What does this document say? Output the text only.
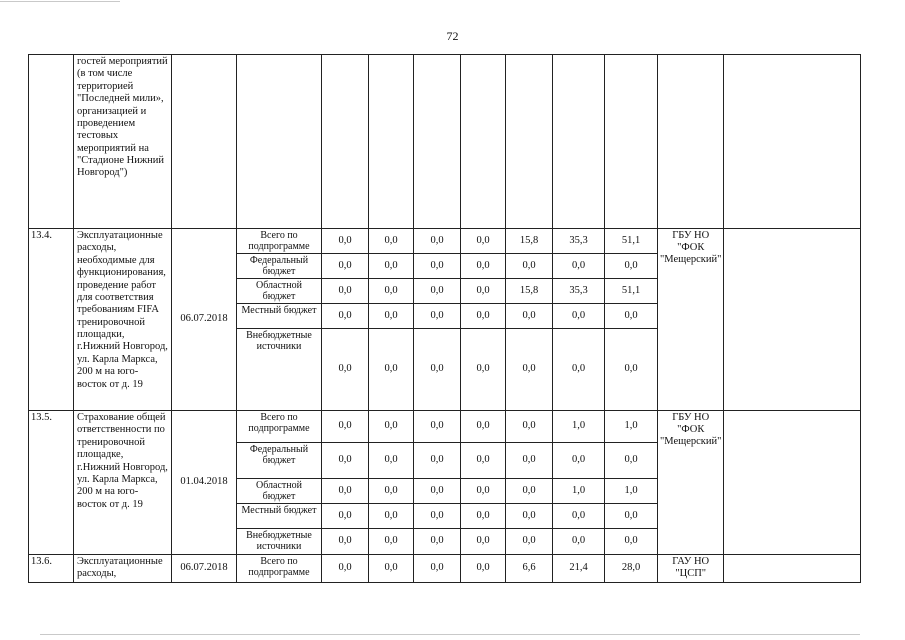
72
	гостей мероприятий (в том числе территорией "Последней мили», организацией и проведением тестовых мероприятий на "Стадионе Нижний Новгород")											
13.4.	Эксплуатационные расходы, необходимые для функционирования, проведение работ для соответствия требованиям FIFA тренировочной площадки, г.Нижний Новгород, ул. Карла Маркса, 200 м на юго-восток от д. 19	06.07.2018	Всего по подпрограмме	0,0	0,0	0,0	0,0	15,8	35,3	51,1	ГБУ НО "ФОК "Мещерский"	
			Федеральный бюджет	0,0	0,0	0,0	0,0	0,0	0,0	0,0		
			Областной бюджет	0,0	0,0	0,0	0,0	15,8	35,3	51,1		
			Местный бюджет	0,0	0,0	0,0	0,0	0,0	0,0	0,0		
			Внебюджетные источники	0,0	0,0	0,0	0,0	0,0	0,0	0,0		
13.5.	Страхование общей ответственности по тренировочной площадке, г.Нижний Новгород, ул. Карла Маркса, 200 м на юго-восток от д. 19	01.04.2018	Всего по подпрограмме	0,0	0,0	0,0	0,0	0,0	1,0	1,0	ГБУ НО "ФОК "Мещерский"	
			Федеральный бюджет	0,0	0,0	0,0	0,0	0,0	0,0	0,0		
			Областной бюджет	0,0	0,0	0,0	0,0	0,0	1,0	1,0		
			Местный бюджет	0,0	0,0	0,0	0,0	0,0	0,0	0,0		
			Внебюджетные источники	0,0	0,0	0,0	0,0	0,0	0,0	0,0		
13.6.	Эксплуатационные расходы,	06.07.2018	Всего по подпрограмме	0,0	0,0	0,0	0,0	6,6	21,4	28,0	ГАУ НО "ЦСП"	
